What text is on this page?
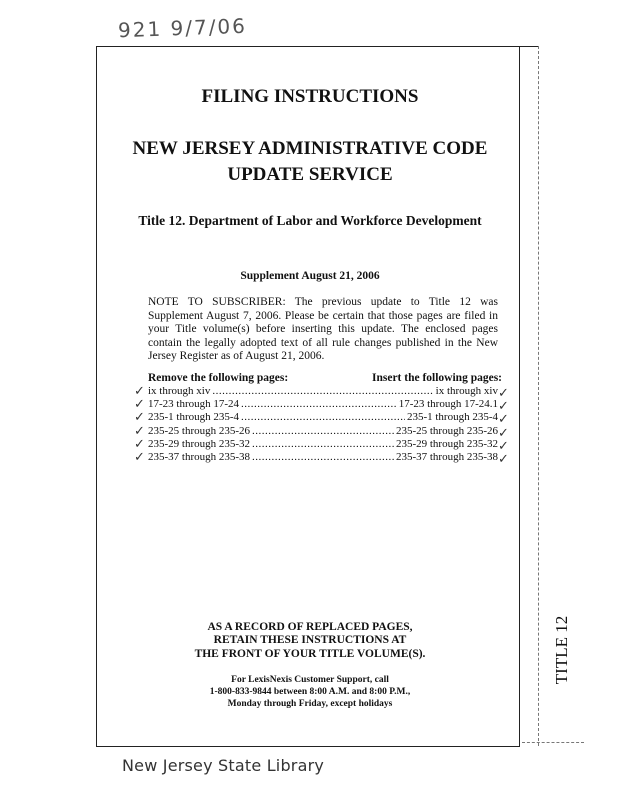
921 9/7/06

FILING INSTRUCTIONS

NEW JERSEY ADMINISTRATIVE CODE
UPDATE SERVICE

Title 12. Department of Labor and Workforce Development

Supplement August 21, 2006

NOTE TO SUBSCRIBER: The previous update to Title 12 was Supplement August 7, 2006. Please be certain that those pages are filed in your Title volume(s) before inserting this update. The enclosed pages contain the legally adopted text of all rule changes published in the New Jersey Register as of August 21, 2006.

Remove the following pages:	Insert the following pages:

✓
✓
✓
✓
✓
✓
ix through xiv .....	ix through xiv
17-23 through 17-24 .....	17-23 through 17-24.1
235-1 through 235-4 .....	235-1 through 235-4
235-25 through 235-26 .....	235-25 through 235-26
235-29 through 235-32 .....	235-29 through 235-32
235-37 through 235-38 .....	235-37 through 235-38
✓
✓
✓
✓
✓
✓
AS A RECORD OF REPLACED PAGES,
RETAIN THESE INSTRUCTIONS AT
THE FRONT OF YOUR TITLE VOLUME(S).
For LexisNexis Customer Support, call
1-800-833-9844 between 8:00 A.M. and 8:00 P.M.,
Monday through Friday, except holidays
TITLE 12
New Jersey State Library
